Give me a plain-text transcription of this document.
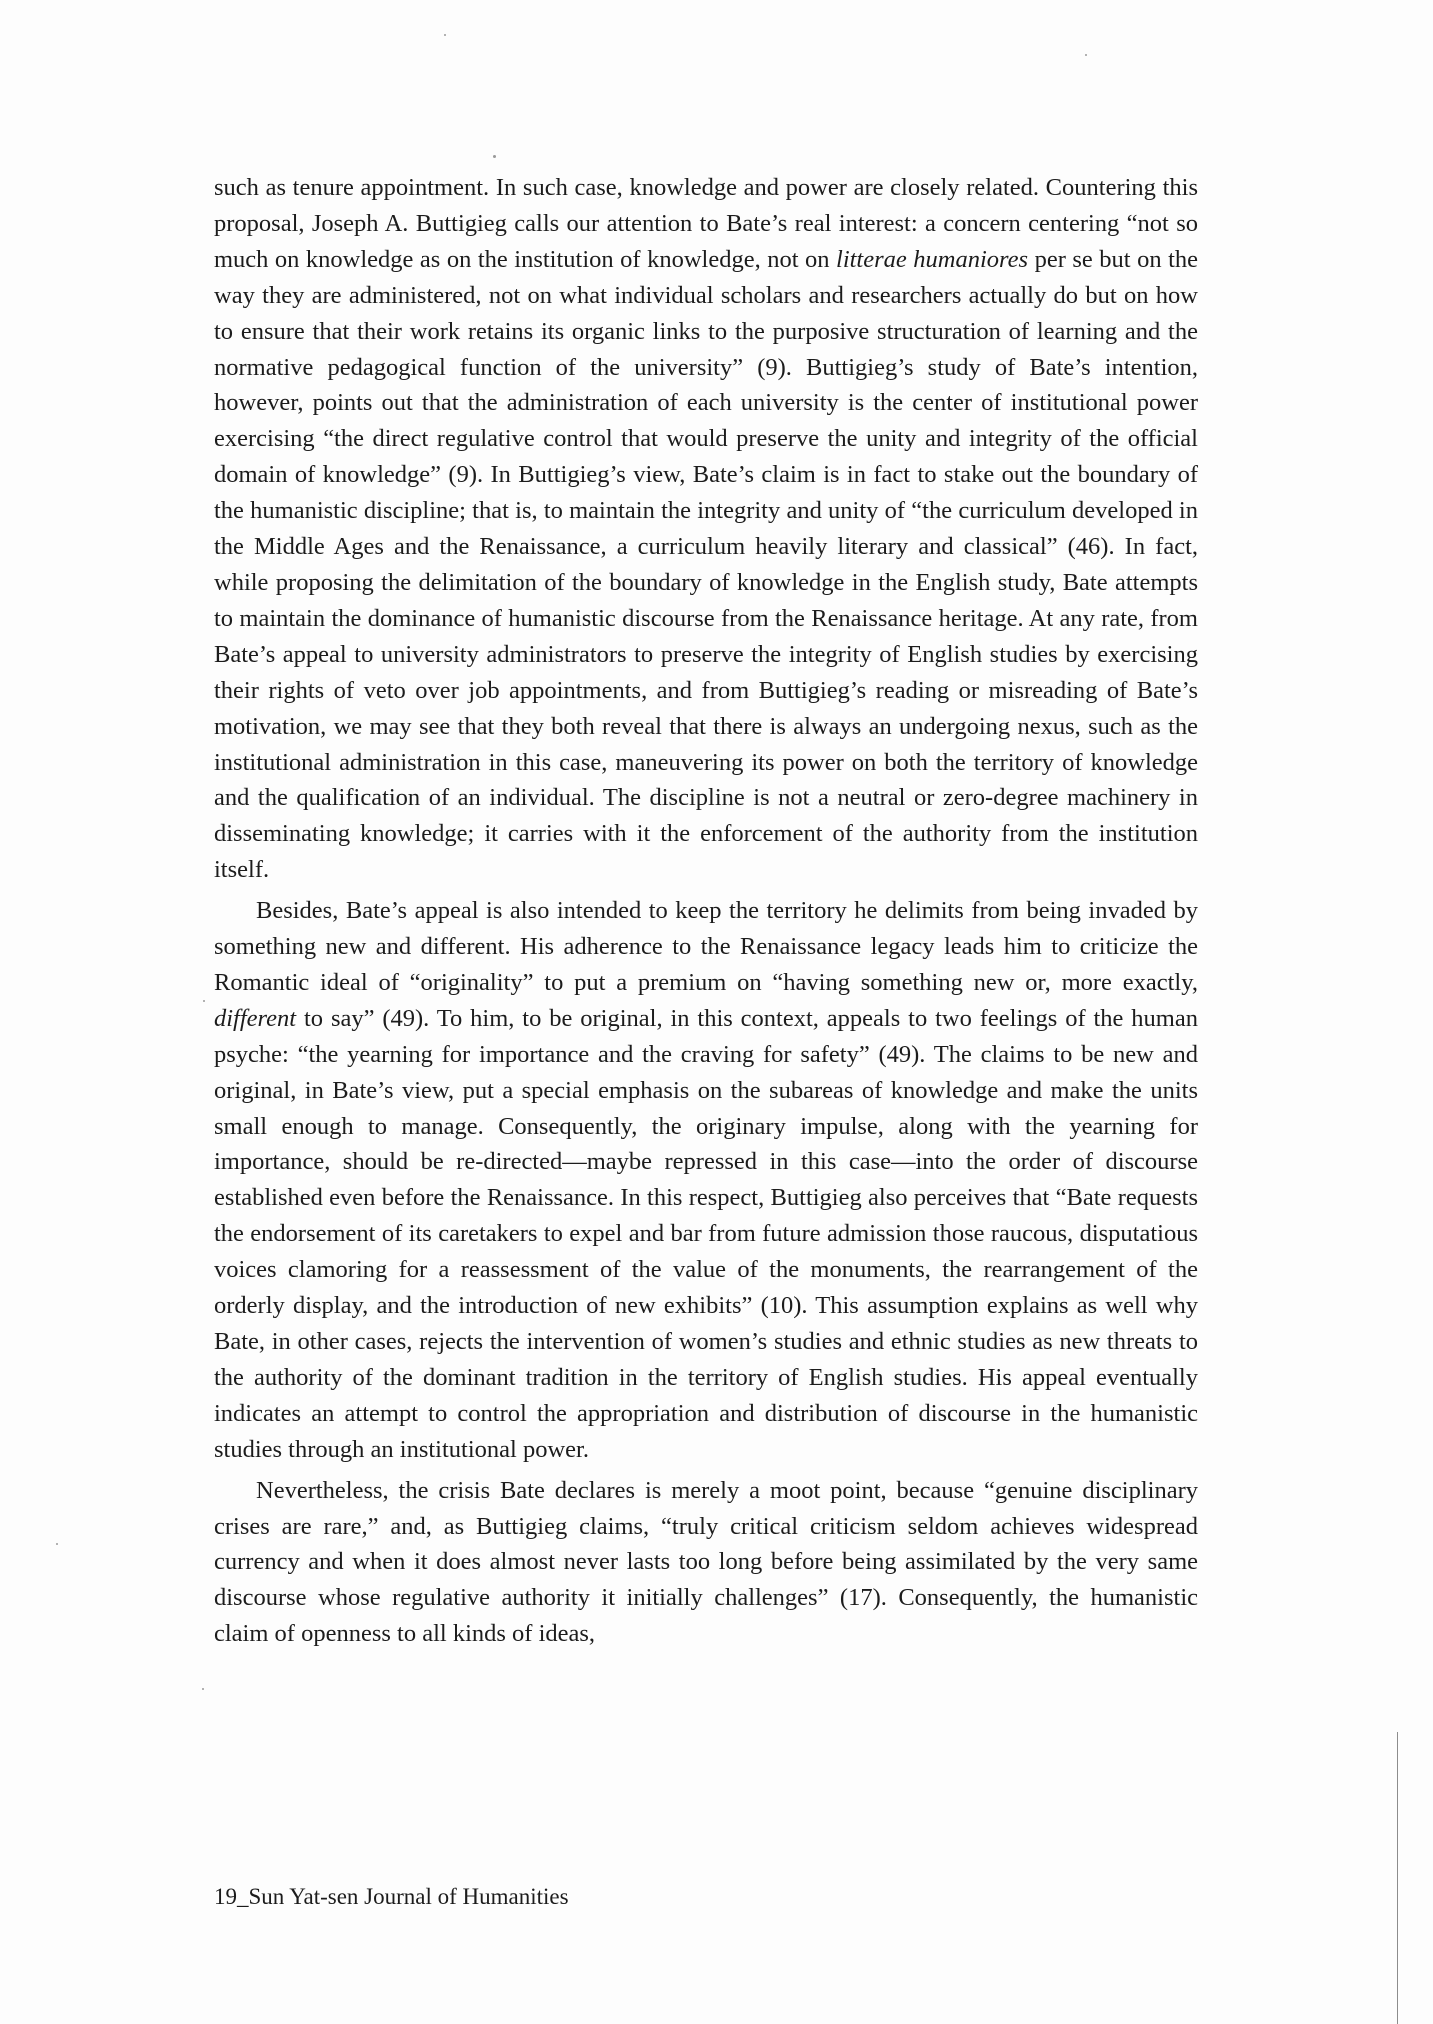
such as tenure appointment. In such case, knowledge and power are closely related. Countering this proposal, Joseph A. Buttigieg calls our attention to Bate’s real interest: a concern centering “not so much on knowledge as on the institution of knowledge, not on litterae humaniores per se but on the way they are administered, not on what individual scholars and researchers actually do but on how to ensure that their work retains its organic links to the purposive structuration of learning and the normative pedagogical function of the university” (9). Buttigieg’s study of Bate’s intention, however, points out that the administration of each university is the center of institutional power exercising “the direct regulative control that would preserve the unity and integrity of the official domain of knowledge” (9). In Buttigieg’s view, Bate’s claim is in fact to stake out the boundary of the humanistic discipline; that is, to maintain the integrity and unity of “the curriculum developed in the Middle Ages and the Renaissance, a curriculum heavily literary and classical” (46). In fact, while proposing the delimitation of the boundary of knowledge in the English study, Bate attempts to maintain the dominance of humanistic discourse from the Renaissance heritage. At any rate, from Bate’s appeal to university administrators to preserve the integrity of English studies by exercising their rights of veto over job appointments, and from Buttigieg’s reading or misreading of Bate’s motivation, we may see that they both reveal that there is always an undergoing nexus, such as the institutional administration in this case, maneuvering its power on both the territory of knowledge and the qualification of an individual. The discipline is not a neutral or zero-degree machinery in disseminating knowledge; it carries with it the enforcement of the authority from the institution itself.

Besides, Bate’s appeal is also intended to keep the territory he delimits from being invaded by something new and different. His adherence to the Renaissance legacy leads him to criticize the Romantic ideal of “originality” to put a premium on “having something new or, more exactly, different to say” (49). To him, to be original, in this context, appeals to two feelings of the human psyche: “the yearning for importance and the craving for safety” (49). The claims to be new and original, in Bate’s view, put a special emphasis on the subareas of knowledge and make the units small enough to manage. Consequently, the originary impulse, along with the yearning for importance, should be re-directed—maybe repressed in this case—into the order of discourse established even before the Renaissance. In this respect, Buttigieg also perceives that “Bate requests the endorsement of its caretakers to expel and bar from future admission those raucous, disputatious voices clamoring for a reassessment of the value of the monuments, the rearrangement of the orderly display, and the introduction of new exhibits” (10). This assumption explains as well why Bate, in other cases, rejects the intervention of women’s studies and ethnic studies as new threats to the authority of the dominant tradition in the territory of English studies. His appeal eventually indicates an attempt to control the appropriation and distribution of discourse in the humanistic studies through an institutional power.

Nevertheless, the crisis Bate declares is merely a moot point, because “genuine disciplinary crises are rare,” and, as Buttigieg claims, “truly critical criticism seldom achieves widespread currency and when it does almost never lasts too long before being assimilated by the very same discourse whose regulative authority it initially challenges” (17). Consequently, the humanistic claim of openness to all kinds of ideas,

19_Sun Yat-sen Journal of Humanities
